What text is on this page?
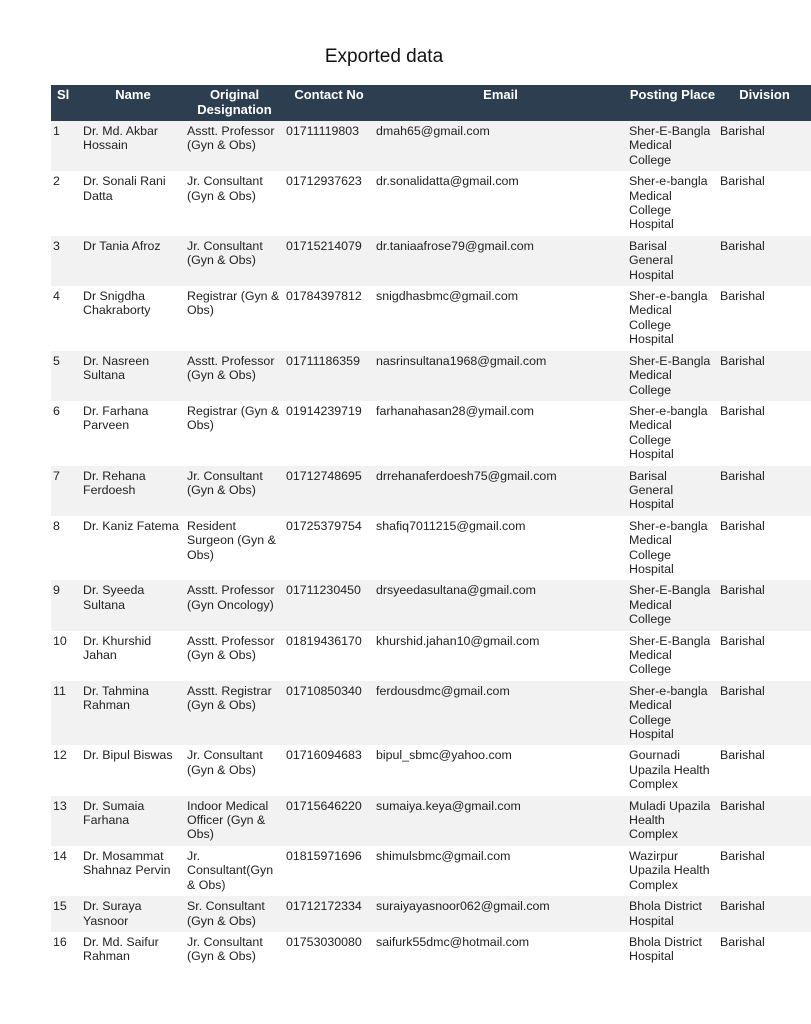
Exported data
Sl	Name	Original Designation	Contact No	Email	Posting Place	Division
1	Dr. Md. Akbar Hossain	Asstt. Professor (Gyn & Obs)	01711119803	dmah65@gmail.com	Sher-E-Bangla Medical College	Barishal
2	Dr. Sonali Rani Datta	Jr. Consultant (Gyn & Obs)	01712937623	dr.sonalidatta@gmail.com	Sher-e-bangla Medical College Hospital	Barishal
3	Dr Tania Afroz	Jr. Consultant (Gyn & Obs)	01715214079	dr.taniaafrose79@gmail.com	Barisal General Hospital	Barishal
4	Dr Snigdha Chakraborty	Registrar (Gyn & Obs)	01784397812	snigdhasbmc@gmail.com	Sher-e-bangla Medical College Hospital	Barishal
5	Dr. Nasreen Sultana	Asstt. Professor (Gyn & Obs)	01711186359	nasrinsultana1968@gmail.com	Sher-E-Bangla Medical College	Barishal
6	Dr. Farhana Parveen	Registrar (Gyn & Obs)	01914239719	farhanahasan28@ymail.com	Sher-e-bangla Medical College Hospital	Barishal
7	Dr. Rehana Ferdoesh	Jr. Consultant (Gyn & Obs)	01712748695	drrehanaferdoesh75@gmail.com	Barisal General Hospital	Barishal
8	Dr. Kaniz Fatema	Resident Surgeon (Gyn & Obs)	01725379754	shafiq7011215@gmail.com	Sher-e-bangla Medical College Hospital	Barishal
9	Dr. Syeeda Sultana	Asstt. Professor (Gyn Oncology)	01711230450	drsyeedasultana@gmail.com	Sher-E-Bangla Medical College	Barishal
10	Dr. Khurshid Jahan	Asstt. Professor (Gyn & Obs)	01819436170	khurshid.jahan10@gmail.com	Sher-E-Bangla Medical College	Barishal
11	Dr. Tahmina Rahman	Asstt. Registrar (Gyn & Obs)	01710850340	ferdousdmc@gmail.com	Sher-e-bangla Medical College Hospital	Barishal
12	Dr. Bipul Biswas	Jr. Consultant (Gyn & Obs)	01716094683	bipul_sbmc@yahoo.com	Gournadi Upazila Health Complex	Barishal
13	Dr. Sumaia Farhana	Indoor Medical Officer (Gyn & Obs)	01715646220	sumaiya.keya@gmail.com	Muladi Upazila Health Complex	Barishal
14	Dr. Mosammat Shahnaz Pervin	Jr. Consultant(Gyn & Obs)	01815971696	shimulsbmc@gmail.com	Wazirpur Upazila Health Complex	Barishal
15	Dr. Suraya Yasnoor	Sr. Consultant (Gyn & Obs)	01712172334	suraiyayasnoor062@gmail.com	Bhola District Hospital	Barishal
16	Dr. Md. Saifur Rahman	Jr. Consultant (Gyn & Obs)	01753030080	saifurk55dmc@hotmail.com	Bhola District Hospital	Barishal
